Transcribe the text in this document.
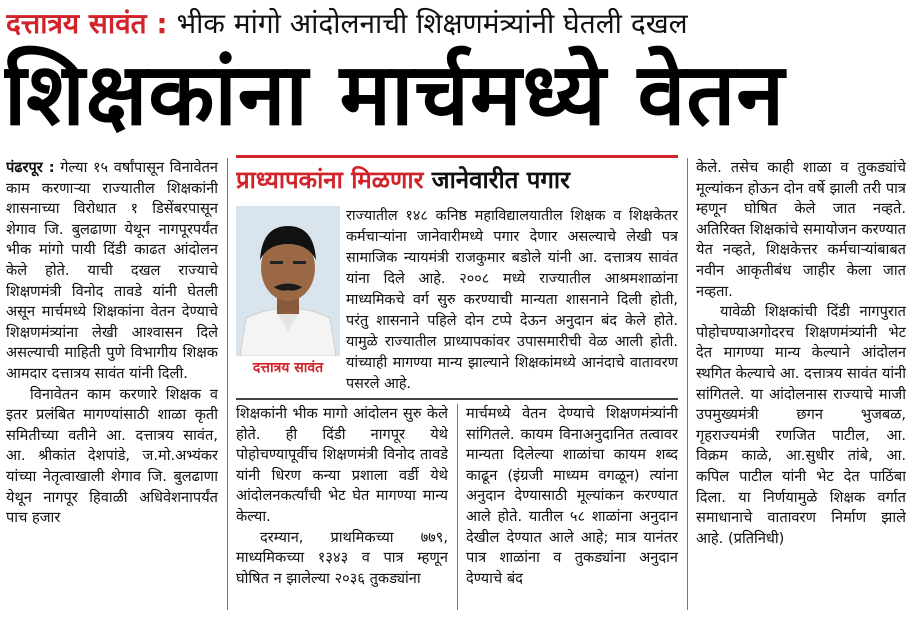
दत्तात्रय सावंत : भीक मांगो आंदोलनाची शिक्षणमंत्र्यांनी घेतली दखल
शिक्षकांना मार्चमध्ये वेतन

पंढरपूर : गेल्या १५ वर्षांपासून विनावेतन काम करणाऱ्या राज्यातील शिक्षकांनी शासनाच्या विरोधात १ डिसेंबरपासून शेगाव जि. बुलढाणा येथून नागपूरपर्यंत भीक मांगो पायी दिंडी काढत आंदोलन केले होते. याची दखल राज्याचे शिक्षणमंत्री विनोद तावडे यांनी घेतली असून मार्चमध्ये शिक्षकांना वेतन देण्याचे शिक्षणमंत्र्यांना लेखी आश्वासन दिले असल्याची माहिती पुणे विभागीय शिक्षक आमदार दत्तात्रय सावंत यांनी दिली.

विनावेतन काम करणारे शिक्षक व इतर प्रलंबित मागण्यांसाठी शाळा कृती समितीच्या वतीने आ. दत्तात्रय सावंत, आ. श्रीकांत देशपांडे, ज.मो.अभ्यंकर यांच्या नेतृत्वाखाली शेगाव जि. बुलढाणा येथून नागपूर हिवाळी अधिवेशनापर्यंत पाच हजार

प्राध्यापकांना मिळणार जानेवारीत पगार
दत्तात्रय सावंत
राज्यातील १४८ कनिष्ठ महाविद्यालयातील शिक्षक व शिक्षकेतर कर्मचाऱ्यांना जानेवारीमध्ये पगार देणार असल्याचे लेखी पत्र सामाजिक न्यायमंत्री राजकुमार बडोले यांनी आ. दत्तात्रय सावंत यांना दिले आहे. २००८ मध्ये राज्यातील आश्रमशाळांना माध्यमिकचे वर्ग सुरु करण्याची मान्यता शासनाने दिली होती, परंतु शासनाने पहिले दोन टप्पे देऊन अनुदान बंद केले होते. यामुळे राज्यातील प्राध्यापकांवर उपासमारीची वेळ आली होती. यांच्याही मागण्या मान्य झाल्याने शिक्षकांमध्ये आनंदाचे वातावरण पसरले आहे.

शिक्षकांनी भीक मागो आंदोलन सुरु केले होते. ही दिंडी नागपूर येथे पोहोचण्यापूर्वीच शिक्षणमंत्री विनोद तावडे यांनी धिरण कन्या प्रशाला वर्डी येथे आंदोलनकर्त्यांची भेट घेत मागण्या मान्य केल्या.

दरम्यान, प्राथमिकच्या ७७९, माध्यमिकच्या १३४३ व पात्र म्हणून घोषित न झालेल्या २०३६ तुकड्यांना

मार्चमध्ये वेतन देण्याचे शिक्षणमंत्र्यांनी सांगितले. कायम विनाअनुदानित तत्वावर मान्यता दिलेल्या शाळांचा कायम शब्द काढून (इंग्रजी माध्यम वगळून) त्यांना अनुदान देण्यासाठी मूल्यांकन करण्यात आले होते. यातील ५८ शाळांना अनुदान देखील देण्यात आले आहे; मात्र यानंतर पात्र शाळांना व तुकड्यांना अनुदान देण्याचे बंद

केले. तसेच काही शाळा व तुकड्यांचे मूल्यांकन होऊन दोन वर्षे झाली तरी पात्र म्हणून घोषित केले जात नव्हते. अतिरिक्त शिक्षकांचे समायोजन करण्यात येत नव्हते, शिक्षकेत्तर कर्मचाऱ्यांबाबत नवीन आकृतीबंध जाहीर केला जात नव्हता.

यावेळी शिक्षकांची दिंडी नागपुरात पोहोचण्याअगोदरच शिक्षणमंत्र्यांनी भेट देत मागण्या मान्य केल्याने आंदोलन स्थगित केल्याचे आ. दत्तात्रय सावंत यांनी सांगितले. या आंदोलनास राज्याचे माजी उपमुख्यमंत्री छगन भुजबळ, गृहराज्यमंत्री रणजित पाटील, आ. विक्रम काळे, आ.सुधीर तांबे, आ. कपिल पाटील यांनी भेट देत पाठिंबा दिला. या निर्णयामुळे शिक्षक वर्गात समाधानाचे वातावरण निर्माण झाले आहे. (प्रतिनिधी)
